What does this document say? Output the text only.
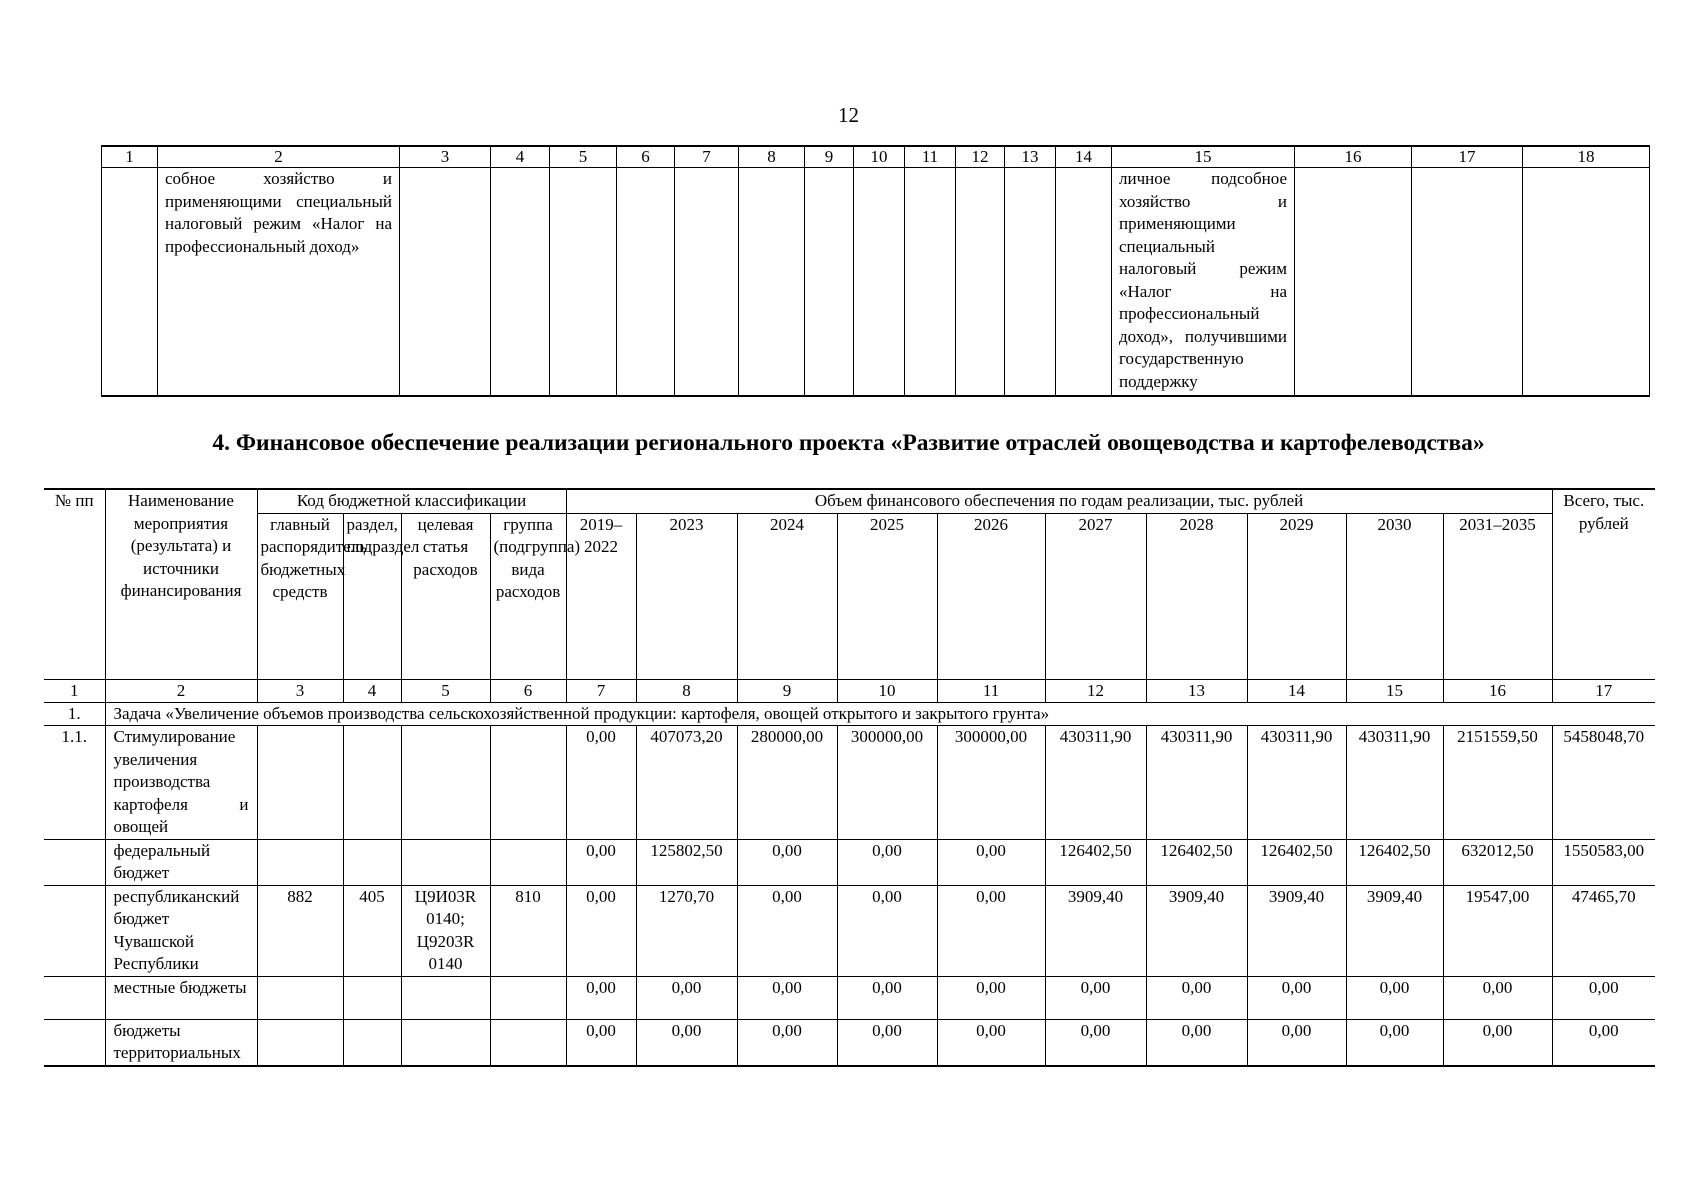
12
1	2	3	4	5	6	7	8	9	10	11	12	13	14	15	16	17	18
	собное хозяйство и применяющими специальный налоговый режим «Налог на профессиональный доход»													личное подсобное хозяйство и применяющими специальный налоговый режим «Налог на профессиональный доход», получившими государственную поддержку			
4. Финансовое обеспечение реализации регионального проекта «Развитие отраслей овощеводства и картофелеводства»
№ пп	Наименование мероприятия (результата) и источники финансирования	Код бюджетной классификации				Объем финансового обеспечения по годам реализации, тыс. рублей										Всего, тыс. рублей
		главный распорядитель бюджетных средств	раздел, подраздел	целевая статья расходов	группа (подгруппа) вида расходов	2019–2022	2023	2024	2025	2026	2027	2028	2029	2030	2031–2035	
1	2	3	4	5	6	7	8	9	10	11	12	13	14	15	16	17
1.	Задача «Увеличение объемов производства сельскохозяйственной продукции: картофеля, овощей открытого и закрытого грунта»															
1.1.	Стимулирование увеличения производства картофеля и овощей					0,00	407073,20	280000,00	300000,00	300000,00	430311,90	430311,90	430311,90	430311,90	2151559,50	5458048,70
	федеральный бюджет					0,00	125802,50	0,00	0,00	0,00	126402,50	126402,50	126402,50	126402,50	632012,50	1550583,00
	республиканский бюджет Чувашской Республики	882	405	Ц9И03R 0140; Ц9203R 0140	810	0,00	1270,70	0,00	0,00	0,00	3909,40	3909,40	3909,40	3909,40	19547,00	47465,70
	местные бюджеты					0,00	0,00	0,00	0,00	0,00	0,00	0,00	0,00	0,00	0,00	0,00
	бюджеты территориальных					0,00	0,00	0,00	0,00	0,00	0,00	0,00	0,00	0,00	0,00	0,00
